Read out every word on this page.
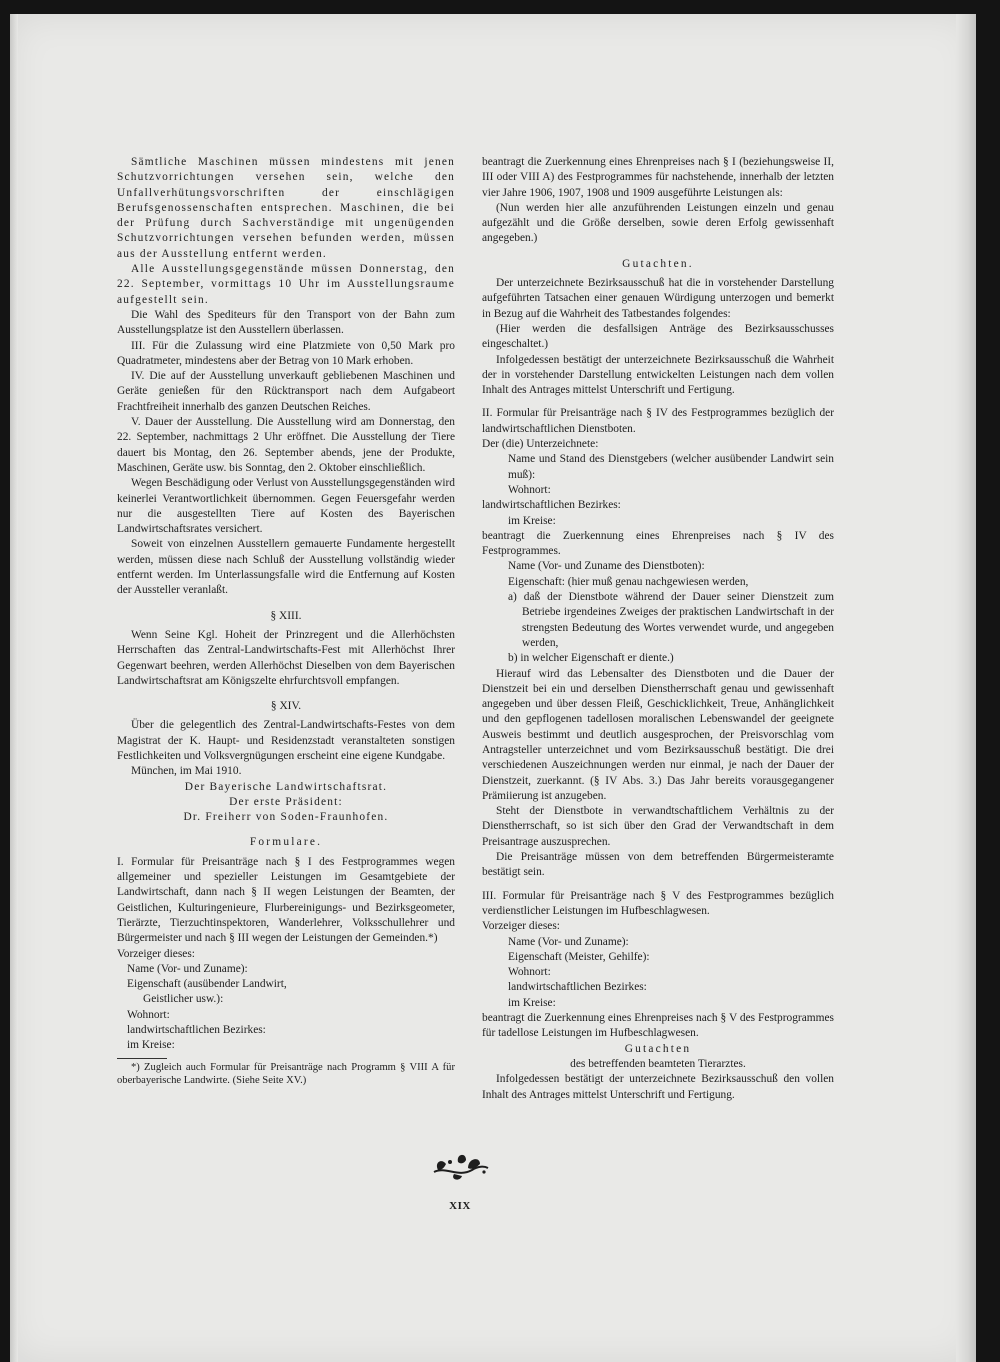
Sämtliche Maschinen müssen mindestens mit jenen Schutzvorrichtungen versehen sein, welche den Unfallverhütungsvorschriften der einschlägigen Berufsgenossenschaften entsprechen. Maschinen, die bei der Prüfung durch Sachverständige mit ungenügenden Schutzvorrichtungen versehen befunden werden, müssen aus der Ausstellung entfernt werden.

Alle Ausstellungsgegenstände müssen Donnerstag, den 22. September, vormittags 10 Uhr im Ausstellungsraume aufgestellt sein.

Die Wahl des Spediteurs für den Transport von der Bahn zum Ausstellungsplatze ist den Ausstellern überlassen.

III. Für die Zulassung wird eine Platzmiete von 0,50 Mark pro Quadratmeter, mindestens aber der Betrag von 10 Mark erhoben.

IV. Die auf der Ausstellung unverkauft gebliebenen Maschinen und Geräte genießen für den Rücktransport nach dem Aufgabeort Frachtfreiheit innerhalb des ganzen Deutschen Reiches.

V. Dauer der Ausstellung. Die Ausstellung wird am Donnerstag, den 22. September, nachmittags 2 Uhr eröffnet. Die Ausstellung der Tiere dauert bis Montag, den 26. September abends, jene der Produkte, Maschinen, Geräte usw. bis Sonntag, den 2. Oktober einschließlich.

Wegen Beschädigung oder Verlust von Ausstellungsgegenständen wird keinerlei Verantwortlichkeit übernommen. Gegen Feuersgefahr werden nur die ausgestellten Tiere auf Kosten des Bayerischen Landwirtschaftsrates versichert.

Soweit von einzelnen Ausstellern gemauerte Fundamente hergestellt werden, müssen diese nach Schluß der Ausstellung vollständig wieder entfernt werden. Im Unterlassungsfalle wird die Entfernung auf Kosten der Aussteller veranlaßt.

§ XIII.

Wenn Seine Kgl. Hoheit der Prinzregent und die Allerhöchsten Herrschaften das Zentral-Landwirtschafts-Fest mit Allerhöchst Ihrer Gegenwart beehren, werden Allerhöchst Dieselben von dem Bayerischen Landwirtschaftsrat am Königszelte ehrfurchtsvoll empfangen.

§ XIV.

Über die gelegentlich des Zentral-Landwirtschafts-Festes von dem Magistrat der K. Haupt- und Residenzstadt veranstalteten sonstigen Festlichkeiten und Volksvergnügungen erscheint eine eigene Kundgabe.

München, im Mai 1910.

Der Bayerische Landwirtschaftsrat.

Der erste Präsident:

Dr. Freiherr von Soden-Fraunhofen.

Formulare.

I. Formular für Preisanträge nach § I des Festprogrammes wegen allgemeiner und spezieller Leistungen im Gesamtgebiete der Landwirtschaft, dann nach § II wegen Leistungen der Beamten, der Geistlichen, Kulturingenieure, Flurbereinigungs- und Bezirksgeometer, Tierärzte, Tierzuchtinspektoren, Wanderlehrer, Volksschullehrer und Bürgermeister und nach § III wegen der Leistungen der Gemeinden.*)

Vorzeiger dieses:

Name (Vor- und Zuname):

Eigenschaft (ausübender Landwirt,

Geistlicher usw.):

Wohnort:

landwirtschaftlichen Bezirkes:

im Kreise:

*) Zugleich auch Formular für Preisanträge nach Programm § VIII A für oberbayerische Landwirte. (Siehe Seite XV.)

beantragt die Zuerkennung eines Ehrenpreises nach § I (beziehungsweise II, III oder VIII A) des Festprogrammes für nachstehende, innerhalb der letzten vier Jahre 1906, 1907, 1908 und 1909 ausgeführte Leistungen als:

(Nun werden hier alle anzuführenden Leistungen einzeln und genau aufgezählt und die Größe derselben, sowie deren Erfolg gewissenhaft angegeben.)

Gutachten.

Der unterzeichnete Bezirksausschuß hat die in vorstehender Darstellung aufgeführten Tatsachen einer genauen Würdigung unterzogen und bemerkt in Bezug auf die Wahrheit des Tatbestandes folgendes:

(Hier werden die desfallsigen Anträge des Bezirksausschusses eingeschaltet.)

Infolgedessen bestätigt der unterzeichnete Bezirksausschuß die Wahrheit der in vorstehender Darstellung entwickelten Leistungen nach dem vollen Inhalt des Antrages mittelst Unterschrift und Fertigung.

II. Formular für Preisanträge nach § IV des Festprogrammes bezüglich der landwirtschaftlichen Dienstboten.

Der (die) Unterzeichnete:

Name und Stand des Dienstgebers (welcher ausübender Landwirt sein muß):

Wohnort:

landwirtschaftlichen Bezirkes:

im Kreise:

beantragt die Zuerkennung eines Ehrenpreises nach § IV des Festprogrammes.

Name (Vor- und Zuname des Dienstboten):

Eigenschaft: (hier muß genau nachgewiesen werden,

a) daß der Dienstbote während der Dauer seiner Dienstzeit zum Betriebe irgendeines Zweiges der praktischen Landwirtschaft in der strengsten Bedeutung des Wortes verwendet wurde, und angegeben werden,

b) in welcher Eigenschaft er diente.)

Hierauf wird das Lebensalter des Dienstboten und die Dauer der Dienstzeit bei ein und derselben Dienstherrschaft genau und gewissenhaft angegeben und über dessen Fleiß, Geschicklichkeit, Treue, Anhänglichkeit und den gepflogenen tadellosen moralischen Lebenswandel der geeignete Ausweis bestimmt und deutlich ausgesprochen, der Preisvorschlag vom Antragsteller unterzeichnet und vom Bezirksausschuß bestätigt. Die drei verschiedenen Auszeichnungen werden nur einmal, je nach der Dauer der Dienstzeit, zuerkannt. (§ IV Abs. 3.) Das Jahr bereits vorausgegangener Prämiierung ist anzugeben.

Steht der Dienstbote in verwandtschaftlichem Verhältnis zu der Dienstherrschaft, so ist sich über den Grad der Verwandtschaft in dem Preisantrage auszusprechen.

Die Preisanträge müssen von dem betreffenden Bürgermeisteramte bestätigt sein.

III. Formular für Preisanträge nach § V des Festprogrammes bezüglich verdienstlicher Leistungen im Hufbeschlagwesen.

Vorzeiger dieses:

Name (Vor- und Zuname):

Eigenschaft (Meister, Gehilfe):

Wohnort:

landwirtschaftlichen Bezirkes:

im Kreise:

beantragt die Zuerkennung eines Ehrenpreises nach § V des Festprogrammes für tadellose Leistungen im Hufbeschlagwesen.

Gutachten

des betreffenden beamteten Tierarztes.

Infolgedessen bestätigt der unterzeichnete Bezirksausschuß den vollen Inhalt des Antrages mittelst Unterschrift und Fertigung.

XIX
